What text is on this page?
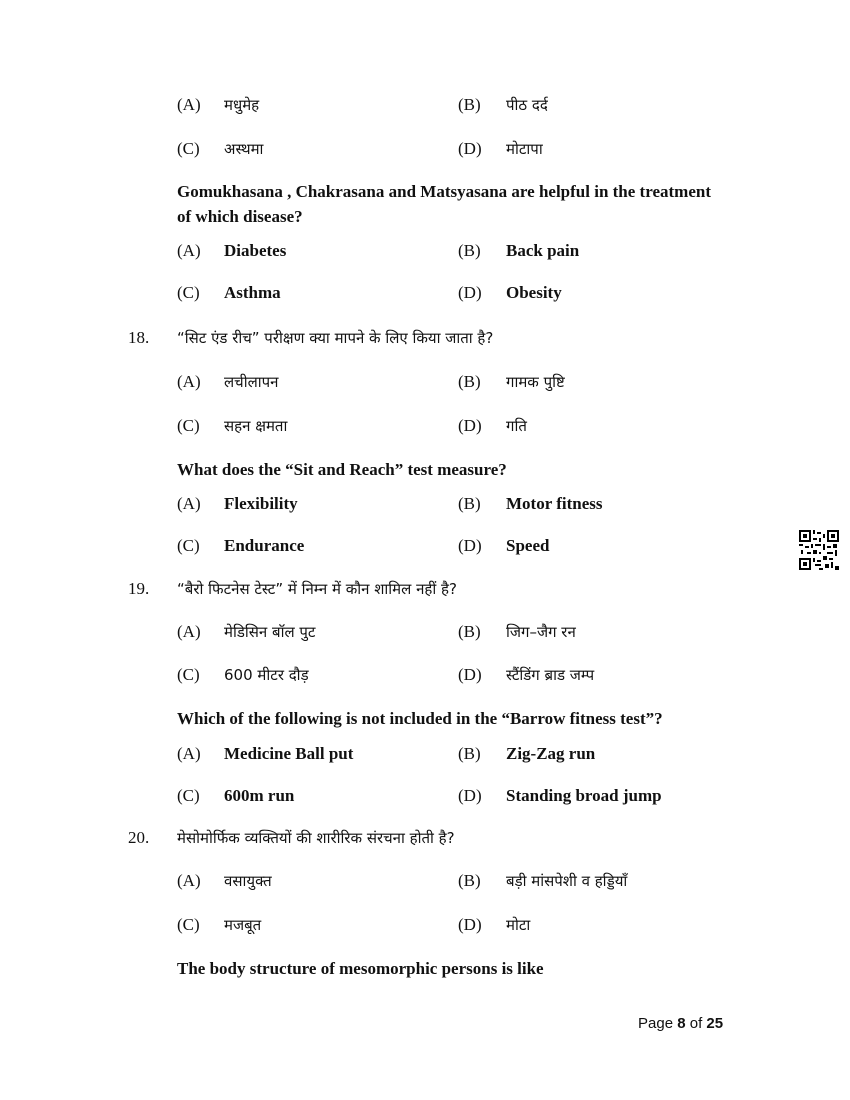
(A) मधुमेह	(B) पीठ दर्द
(C) अस्थमा	(D) मोटापा
Gomukhasana , Chakrasana and Matsyasana are helpful in the treatment
of which disease?
(A) Diabetes	(B) Back pain
(C) Asthma	(D) Obesity
18. “सिट एंड रीच” परीक्षण क्या मापने के लिए किया जाता है?
(A) लचीलापन	(B) गामक पुष्टि
(C) सहन क्षमता	(D) गति
What does the “Sit and Reach” test measure?
(A) Flexibility	(B) Motor fitness
(C) Endurance	(D) Speed
19. “बैरो फिटनेस टेस्ट” में निम्न में कौन शामिल नहीं है?
(A) मेडिसिन बॉल पुट	(B) जिग–जैग रन
(C) 600 मीटर दौड़	(D) स्टैंडिंग ब्राड जम्प
Which of the following is not included in the “Barrow fitness test”?
(A) Medicine Ball put	(B) Zig-Zag run
(C) 600m run	(D) Standing broad jump
20. मेसोमोर्फिक व्यक्तियों की शारीरिक संरचना होती है?
(A) वसायुक्त	(B) बड़ी मांसपेशी व हड्डियाँ
(C) मजबूत	(D) मोटा
The body structure of mesomorphic persons is like
Page 8 of 25
